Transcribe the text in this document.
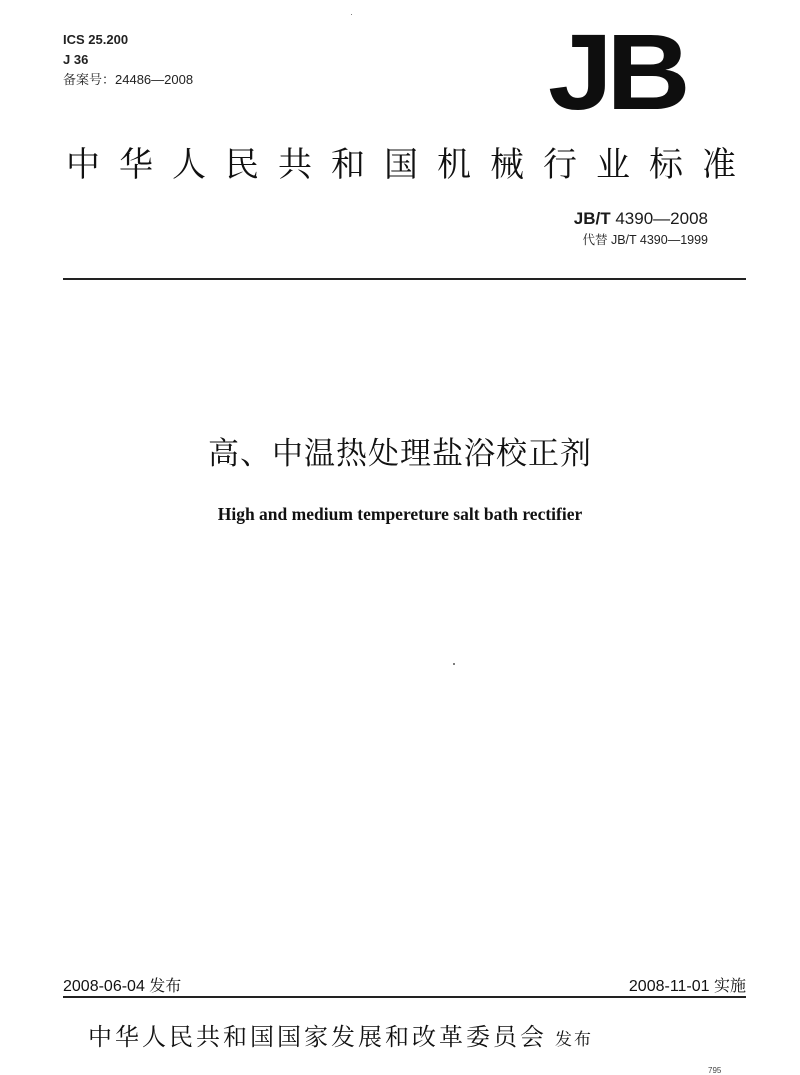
ICS 25.200
J 36
备案号：24486—2008	JB
中华人民共和国机械行业标准
JB/T 4390—2008
代替 JB/T 4390—1999
高、中温热处理盐浴校正剂
High and medium tempereture salt bath rectifier
2008-06-04 发布	2008-11-01 实施
中华人民共和国国家发展和改革委员会 发布
795
